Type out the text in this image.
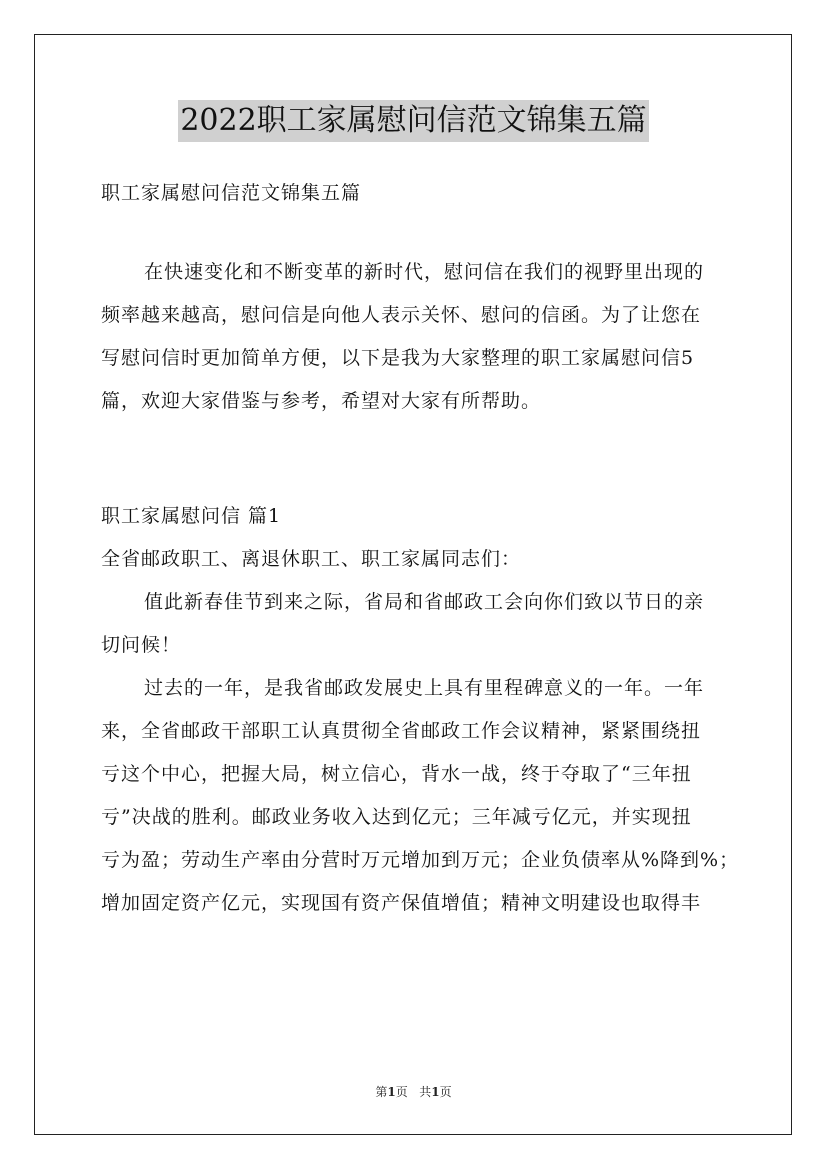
2022职工家属慰问信范文锦集五篇
职工家属慰问信范文锦集五篇
在快速变化和不断变革的新时代，慰问信在我们的视野里出现的
频率越来越高，慰问信是向他人表示关怀、慰问的信函。为了让您在
写慰问信时更加简单方便，以下是我为大家整理的职工家属慰问信5
篇，欢迎大家借鉴与参考，希望对大家有所帮助。
职工家属慰问信 篇1
全省邮政职工、离退休职工、职工家属同志们：
值此新春佳节到来之际，省局和省邮政工会向你们致以节日的亲
切问候！
过去的一年，是我省邮政发展史上具有里程碑意义的一年。一年
来，全省邮政干部职工认真贯彻全省邮政工作会议精神，紧紧围绕扭
亏这个中心，把握大局，树立信心，背水一战，终于夺取了“三年扭
亏”决战的胜利。邮政业务收入达到亿元；三年减亏亿元，并实现扭
亏为盈；劳动生产率由分营时万元增加到万元；企业负债率从%降到%；
增加固定资产亿元，实现国有资产保值增值；精神文明建设也取得丰
第1页 共1页
